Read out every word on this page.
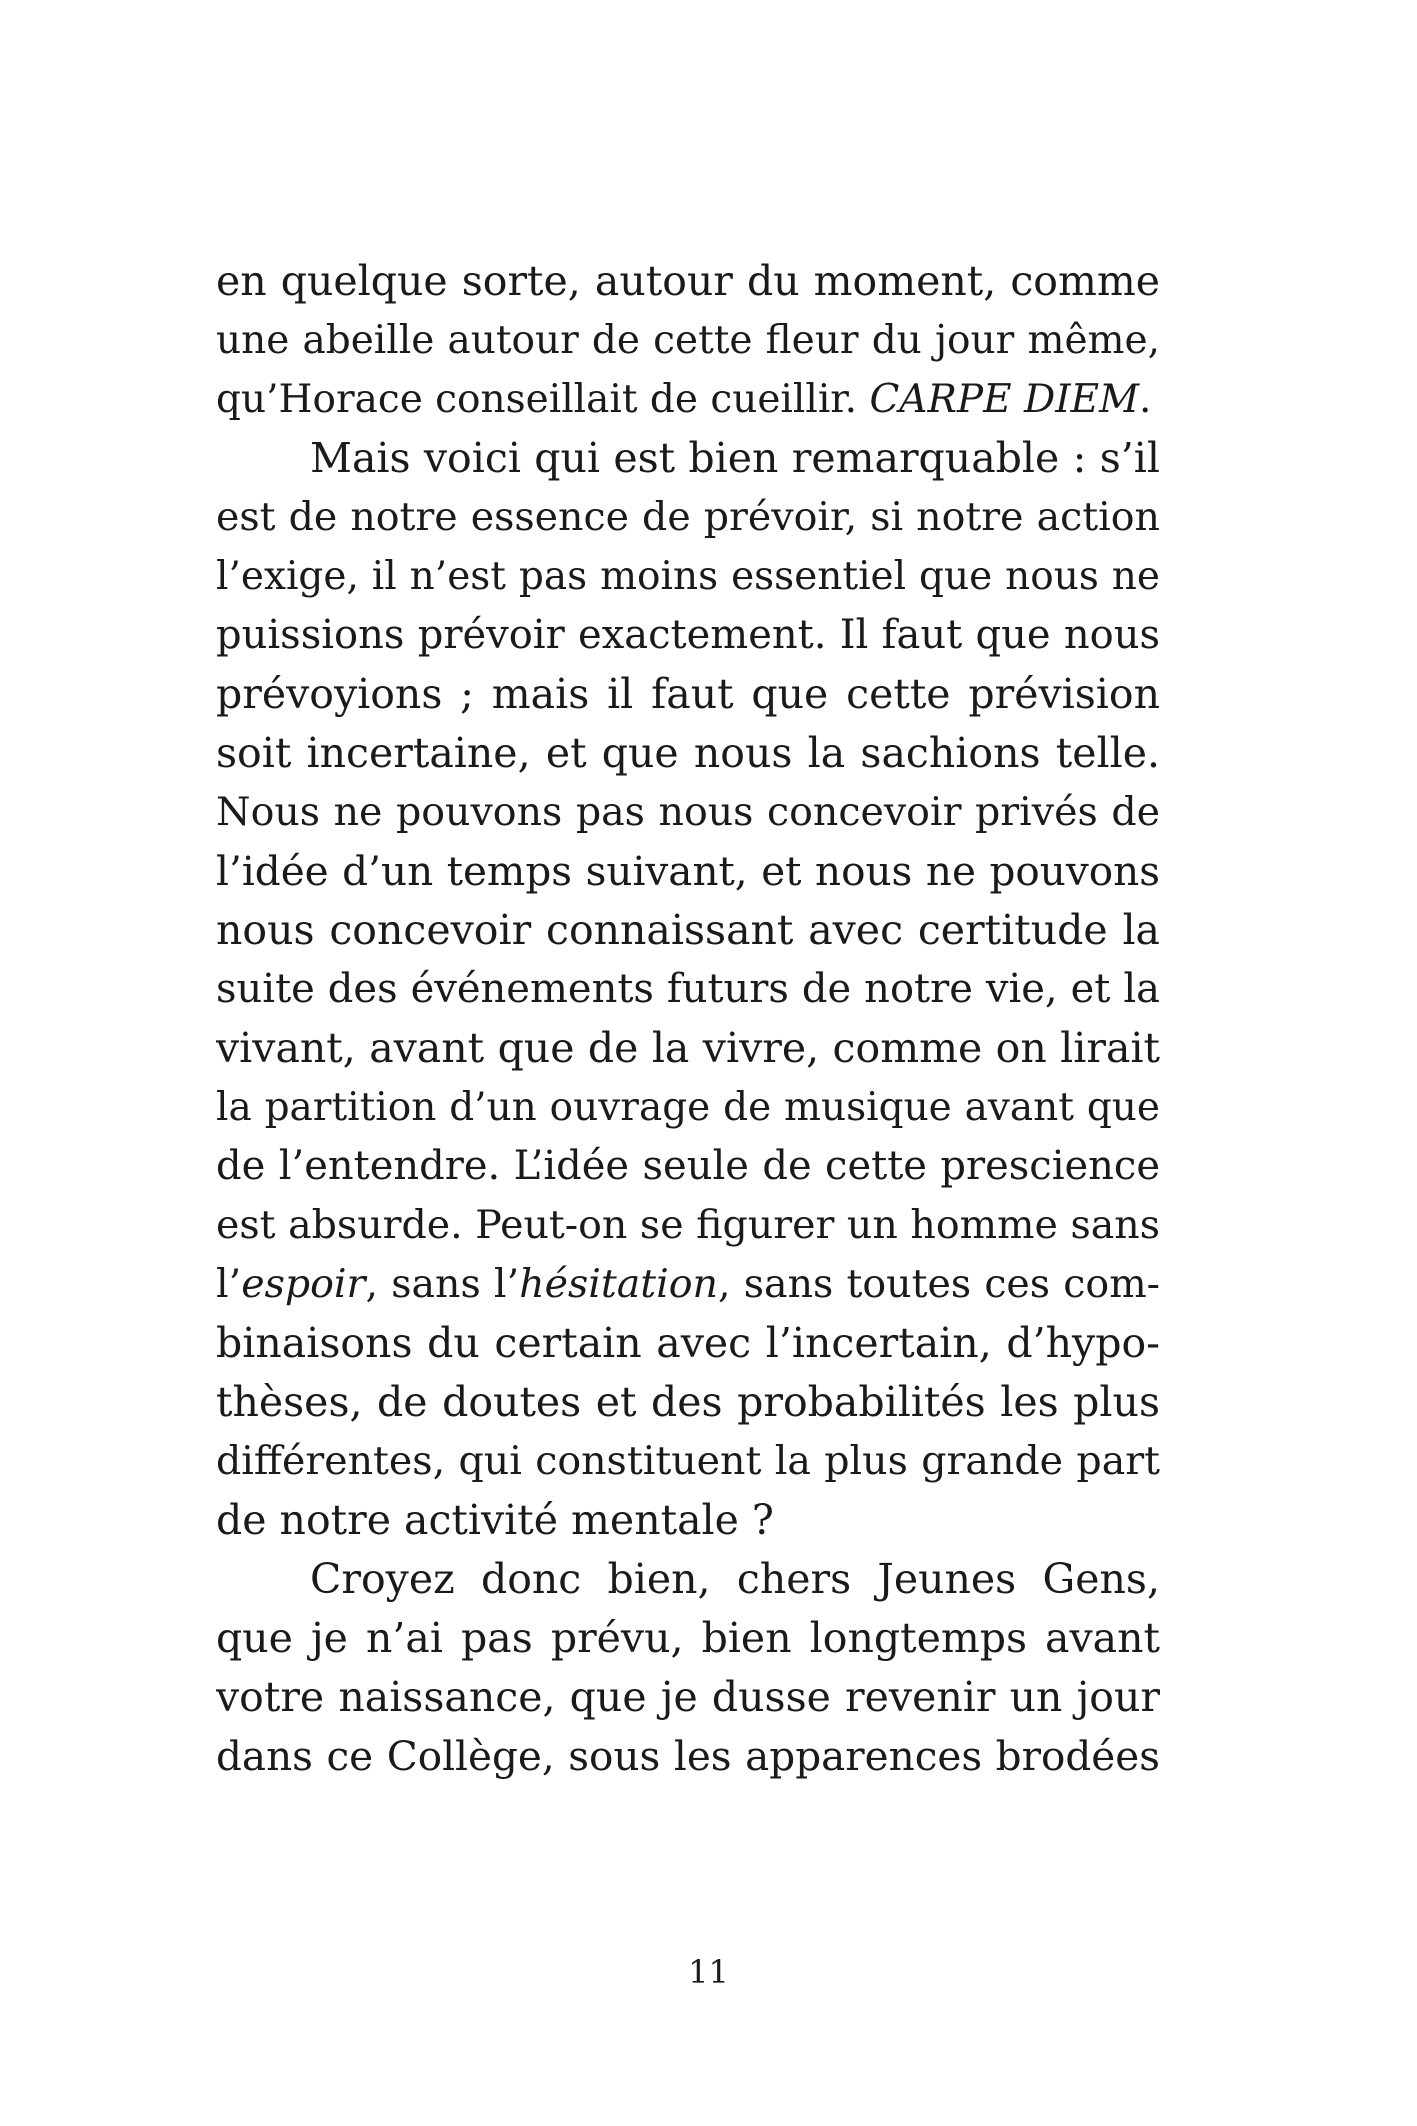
en quelque sorte, autour du moment, comme
une abeille autour de cette fleur du jour même,
qu’Horace conseillait de cueillir. CARPE DIEM.
Mais voici qui est bien remarquable : s’il
est de notre essence de prévoir, si notre action
l’exige, il n’est pas moins essentiel que nous ne
puissions prévoir exactement. Il faut que nous
prévoyions ; mais il faut que cette prévision
soit incertaine, et que nous la sachions telle.
Nous ne pouvons pas nous concevoir privés de
l’idée d’un temps suivant, et nous ne pouvons
nous concevoir connaissant avec certitude la
suite des événements futurs de notre vie, et la
vivant, avant que de la vivre, comme on lirait
la partition d’un ouvrage de musique avant que
de l’entendre. L’idée seule de cette prescience
est absurde. Peut-on se figurer un homme sans
l’espoir, sans l’hésitation, sans toutes ces com-
binaisons du certain avec l’incertain, d’hypo-
thèses, de doutes et des probabilités les plus
différentes, qui constituent la plus grande part
de notre activité mentale ?
Croyez donc bien, chers Jeunes Gens,
que je n’ai pas prévu, bien longtemps avant
votre naissance, que je dusse revenir un jour
dans ce Collège, sous les apparences brodées
11
